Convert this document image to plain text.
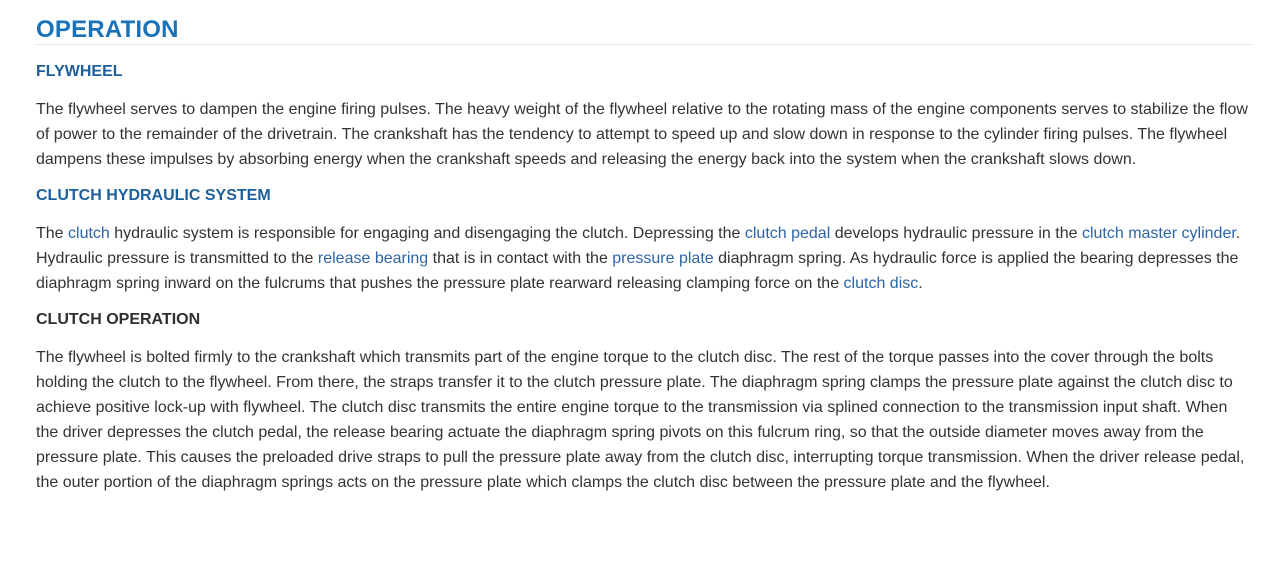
OPERATION
FLYWHEEL

The flywheel serves to dampen the engine firing pulses. The heavy weight of the flywheel relative to the rotating mass of the engine components serves to stabilize the flow of power to the remainder of the drivetrain. The crankshaft has the tendency to attempt to speed up and slow down in response to the cylinder firing pulses. The flywheel dampens these impulses by absorbing energy when the crankshaft speeds and releasing the energy back into the system when the crankshaft slows down.

CLUTCH HYDRAULIC SYSTEM

The clutch hydraulic system is responsible for engaging and disengaging the clutch. Depressing the clutch pedal develops hydraulic pressure in the clutch master cylinder. Hydraulic pressure is transmitted to the release bearing that is in contact with the pressure plate diaphragm spring. As hydraulic force is applied the bearing depresses the diaphragm spring inward on the fulcrums that pushes the pressure plate rearward releasing clamping force on the clutch disc.

CLUTCH OPERATION

The flywheel is bolted firmly to the crankshaft which transmits part of the engine torque to the clutch disc. The rest of the torque passes into the cover through the bolts holding the clutch to the flywheel. From there, the straps transfer it to the clutch pressure plate. The diaphragm spring clamps the pressure plate against the clutch disc to achieve positive lock-up with flywheel. The clutch disc transmits the entire engine torque to the transmission via splined connection to the transmission input shaft. When the driver depresses the clutch pedal, the release bearing actuate the diaphragm spring pivots on this fulcrum ring, so that the outside diameter moves away from the pressure plate. This causes the preloaded drive straps to pull the pressure plate away from the clutch disc, interrupting torque transmission. When the driver release pedal, the outer portion of the diaphragm springs acts on the pressure plate which clamps the clutch disc between the pressure plate and the flywheel.
